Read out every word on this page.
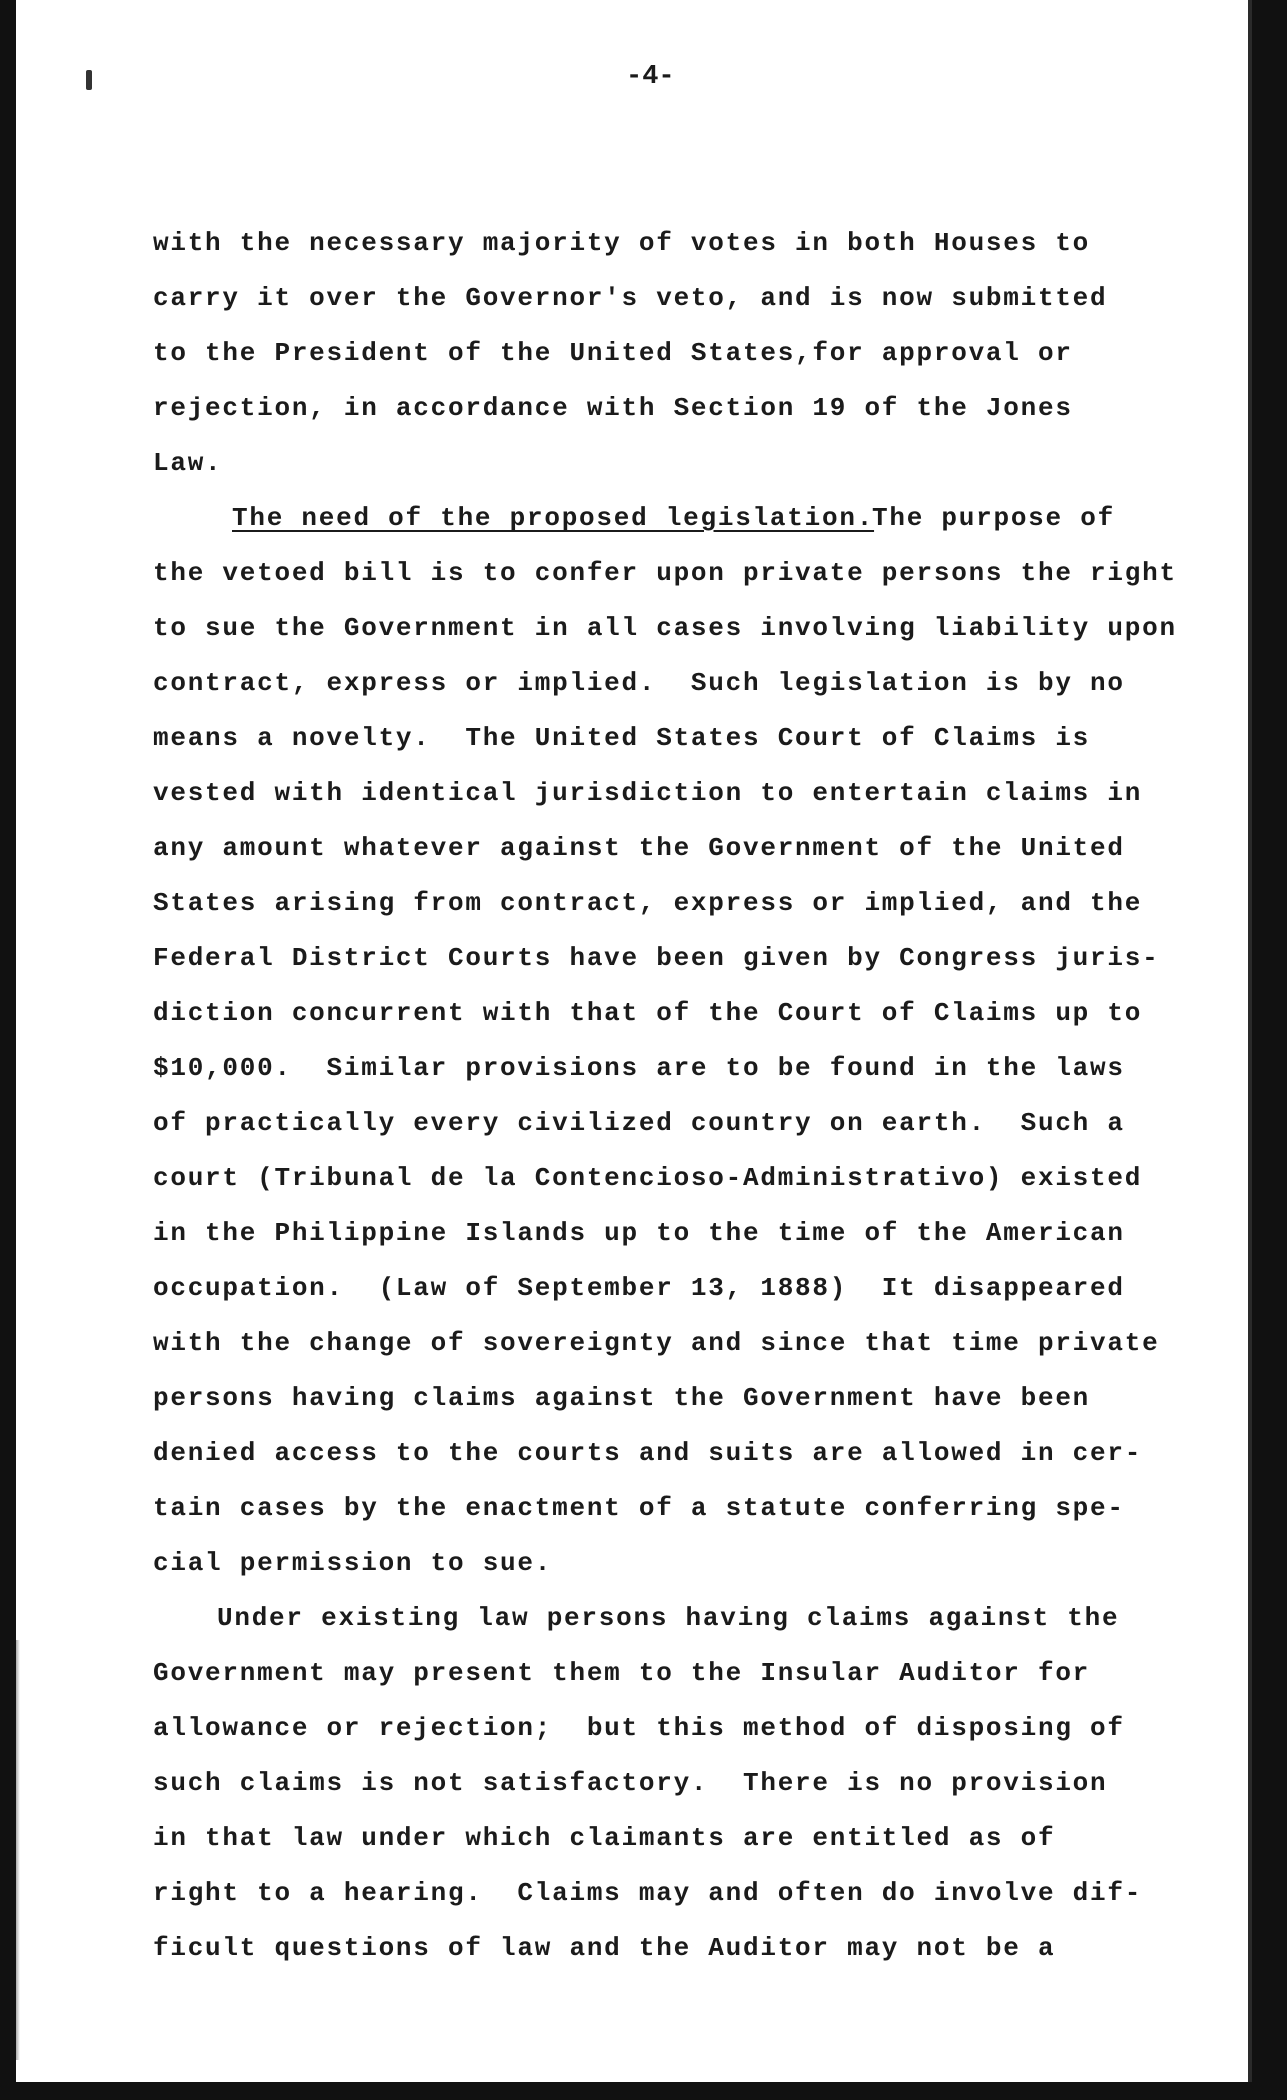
-4-
with the necessary majority of votes in both Houses to
carry it over the Governor's veto, and is now submitted
to the President of the United States,for approval or
rejection, in accordance with Section 19 of the Jones
Law.
The need of the proposed legislation.
The purpose of
the vetoed bill is to confer upon private persons the right
to sue the Government in all cases involving liability upon
contract, express or implied.  Such legislation is by no
means a novelty.  The United States Court of Claims is
vested with identical jurisdiction to entertain claims in
any amount whatever against the Government of the United
States arising from contract, express or implied, and the
Federal District Courts have been given by Congress juris-
diction concurrent with that of the Court of Claims up to
$10,000.  Similar provisions are to be found in the laws
of practically every civilized country on earth.  Such a
court (Tribunal de la Contencioso-Administrativo) existed
in the Philippine Islands up to the time of the American
occupation.  (Law of September 13, 1888)  It disappeared
with the change of sovereignty and since that time private
persons having claims against the Government have been
denied access to the courts and suits are allowed in cer-
tain cases by the enactment of a statute conferring spe-
cial permission to sue.
Under existing law persons having claims against the
Government may present them to the Insular Auditor for
allowance or rejection;  but this method of disposing of
such claims is not satisfactory.  There is no provision
in that law under which claimants are entitled as of
right to a hearing.  Claims may and often do involve dif-
ficult questions of law and the Auditor may not be a
